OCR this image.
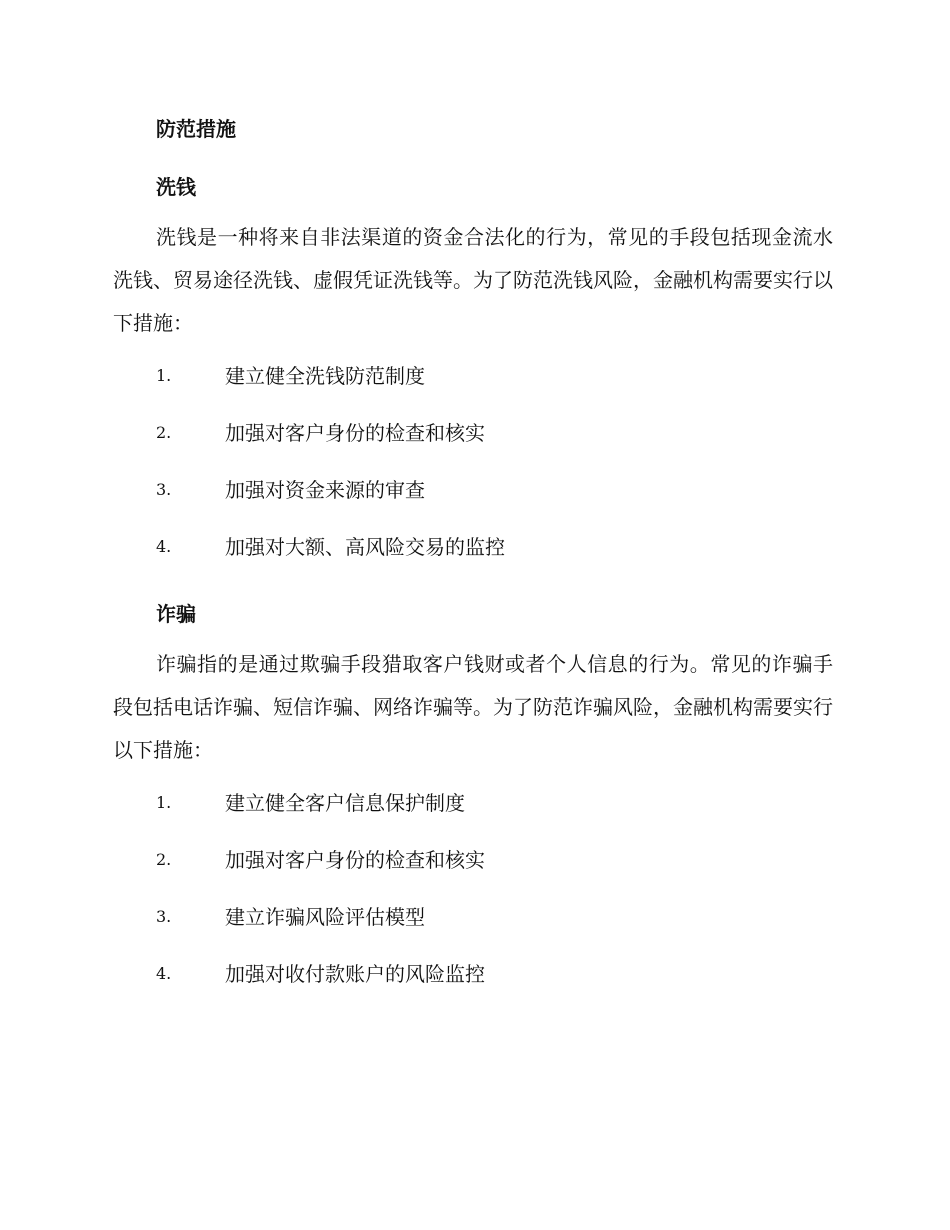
防范措施
洗钱

洗钱是一种将来自非法渠道的资金合法化的行为，常见的手段包括现金流水洗钱、贸易途径洗钱、虚假凭证洗钱等。为了防范洗钱风险，金融机构需要实行以下措施：

1.	建立健全洗钱防范制度
2.	加强对客户身份的检查和核实
3.	加强对资金来源的审查
4.	加强对大额、高风险交易的监控
诈骗

诈骗指的是通过欺骗手段猎取客户钱财或者个人信息的行为。常见的诈骗手段包括电话诈骗、短信诈骗、网络诈骗等。为了防范诈骗风险，金融机构需要实行以下措施：

1.	建立健全客户信息保护制度
2.	加强对客户身份的检查和核实
3.	建立诈骗风险评估模型
4.	加强对收付款账户的风险监控
